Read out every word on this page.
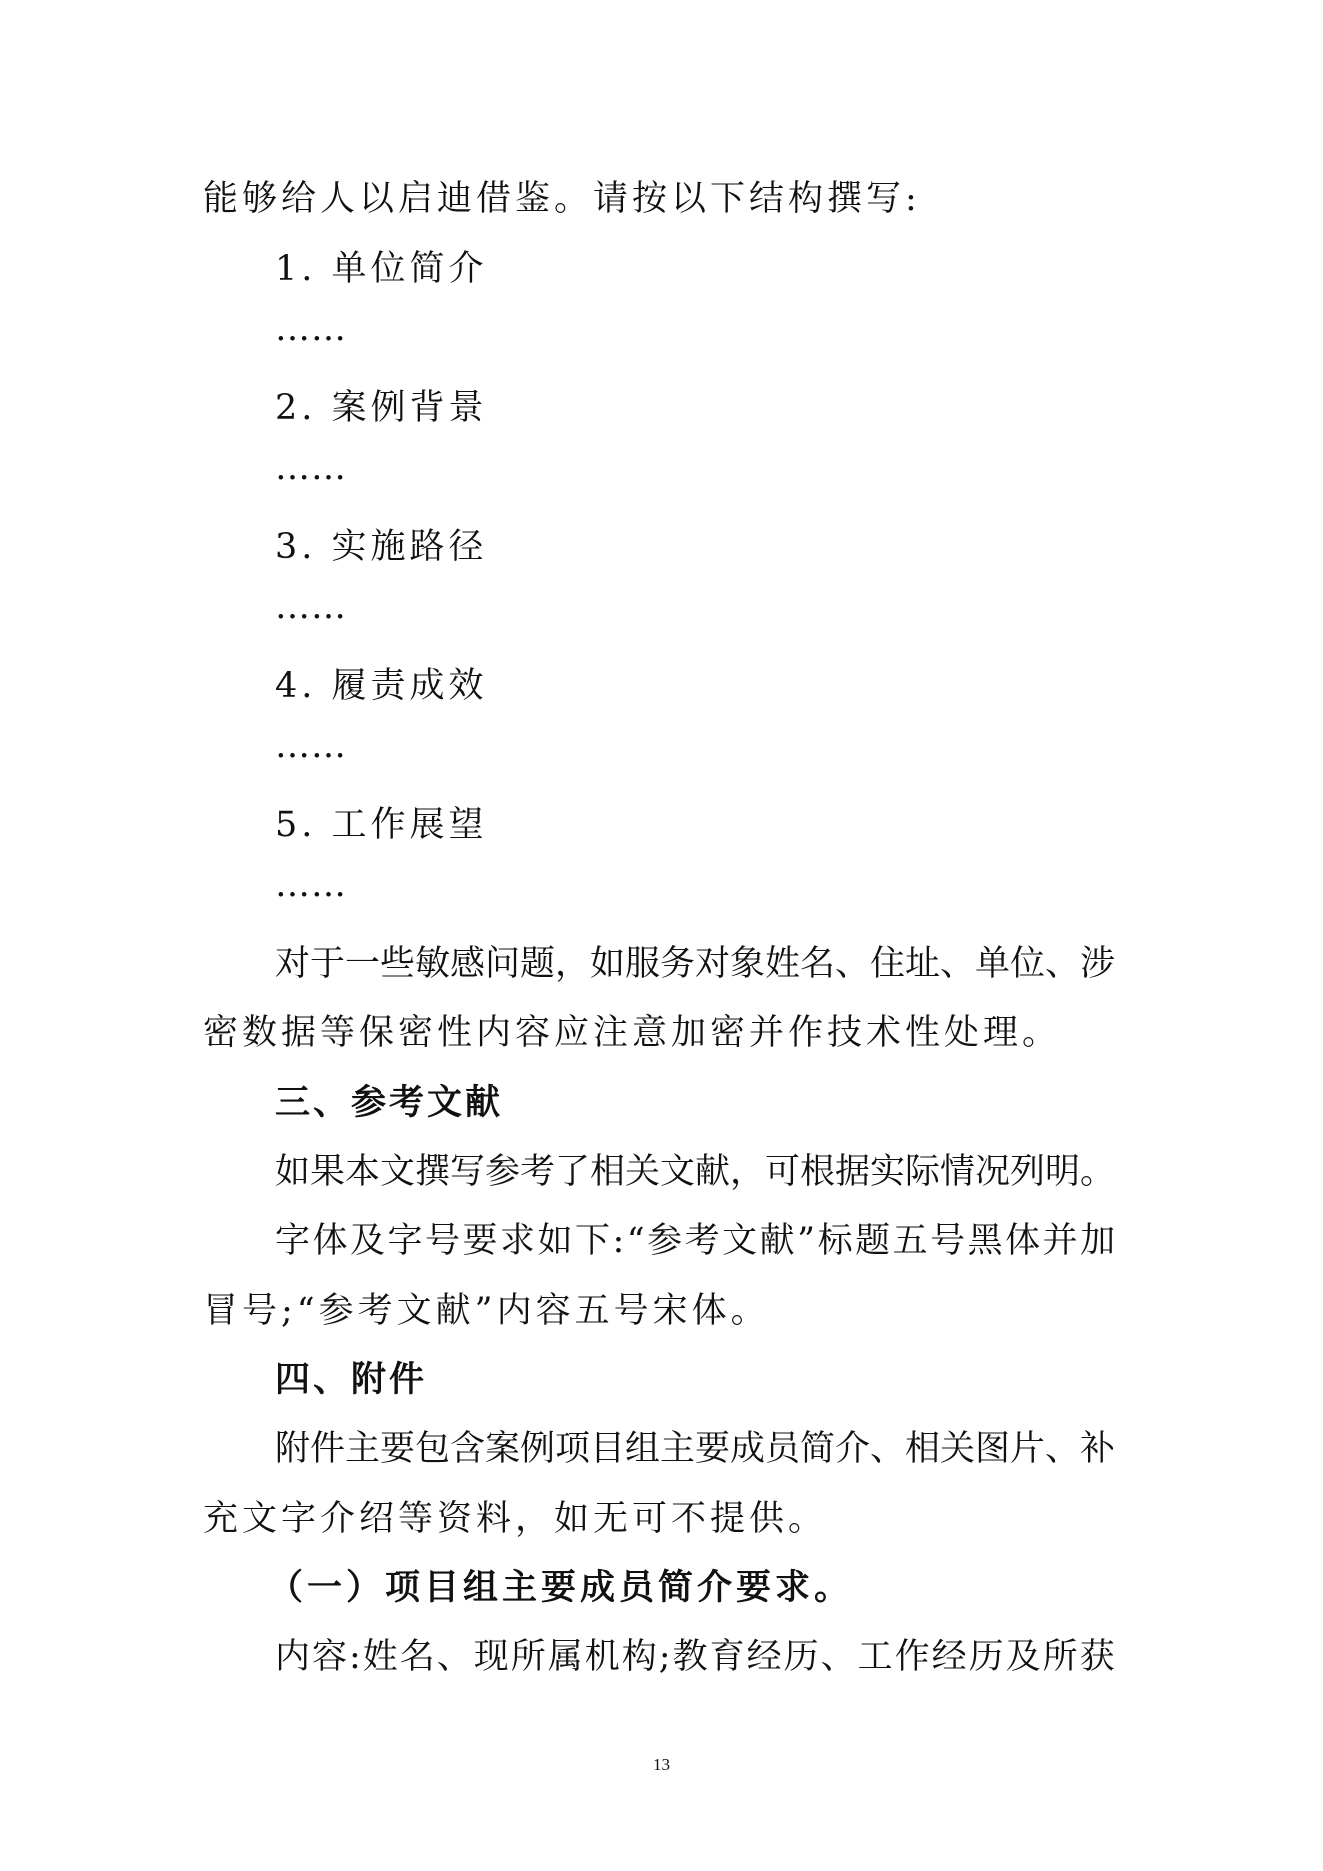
能够给人以启迪借鉴。请按以下结构撰写:
1. 单位简介
……
2. 案例背景
……
3. 实施路径
……
4. 履责成效
……
5. 工作展望
……
对于一些敏感问题，如服务对象姓名、住址、单位、涉
密数据等保密性内容应注意加密并作技术性处理。
三、参考文献
如果本文撰写参考了相关文献，可根据实际情况列明。
字体及字号要求如下:“参考文献”标题五号黑体并加
冒号;“参考文献”内容五号宋体。
四、附件
附件主要包含案例项目组主要成员简介、相关图片、补
充文字介绍等资料，如无可不提供。
（一）项目组主要成员简介要求。
内容:姓名、现所属机构;教育经历、工作经历及所获
13
